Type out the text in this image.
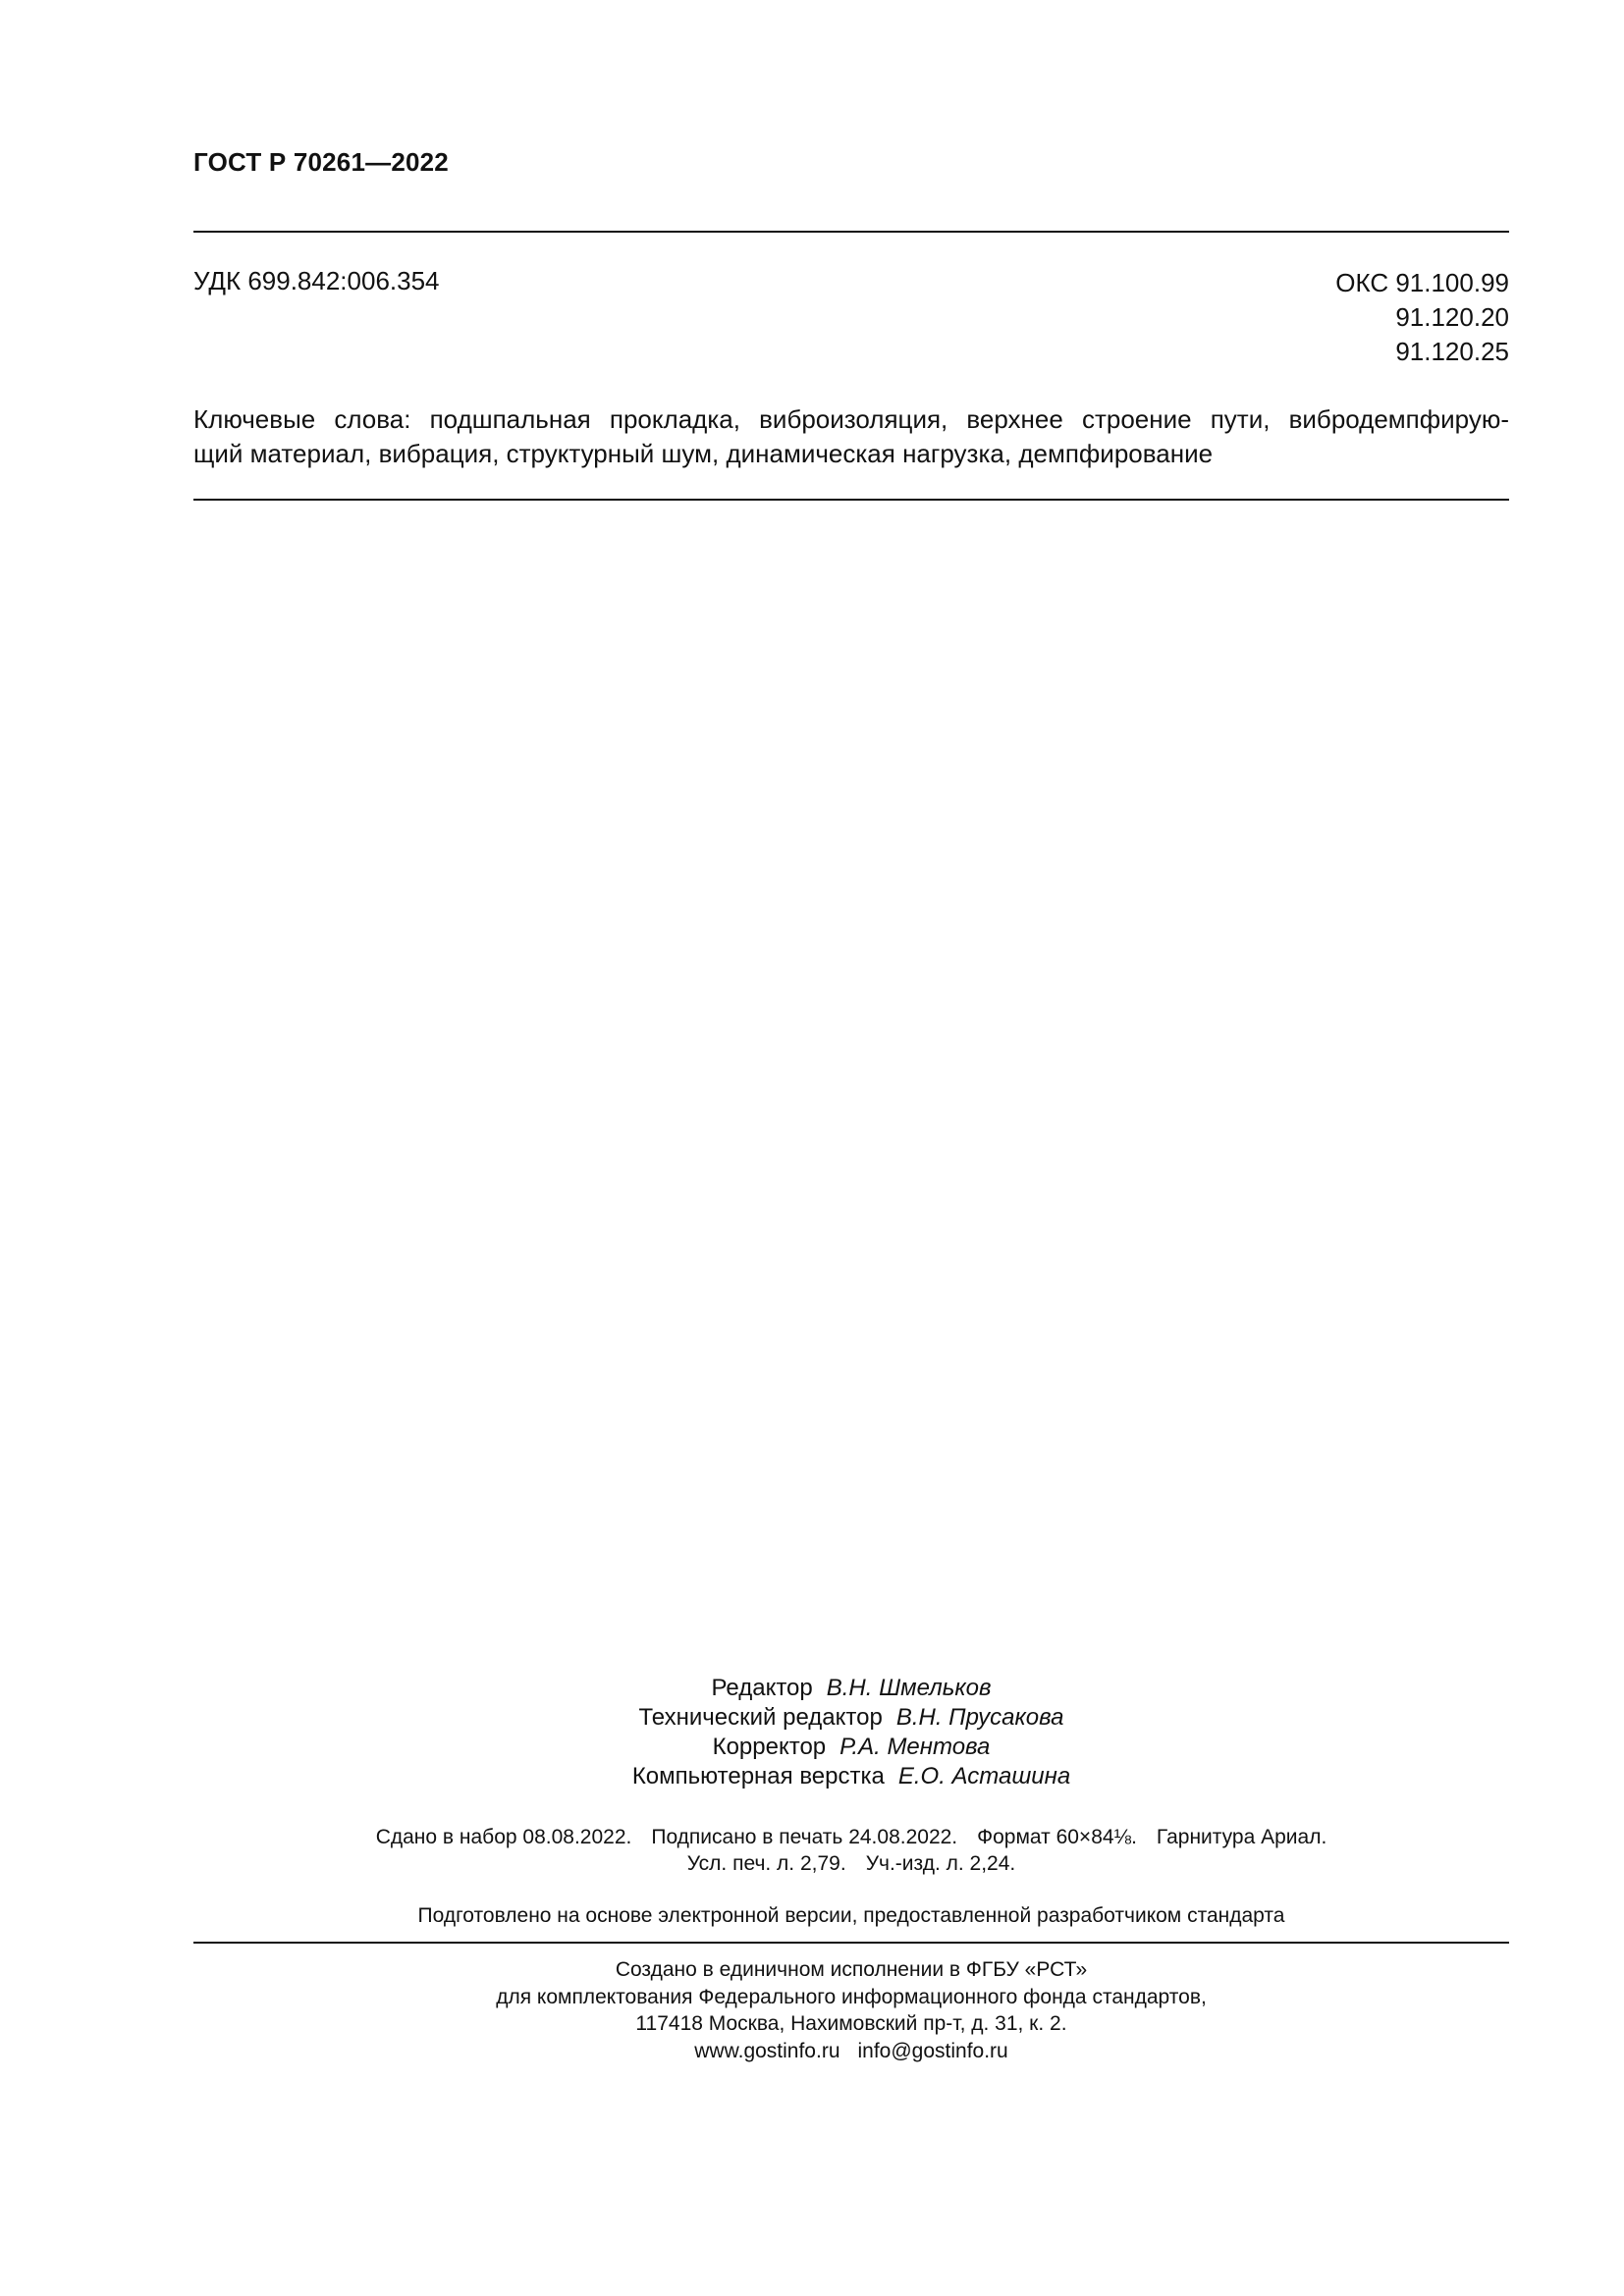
ГОСТ Р 70261—2022
УДК 699.842:006.354	ОКС 91.100.99
91.120.20
91.120.25
Ключевые слова: подшпальная прокладка, виброизоляция, верхнее строение пути, вибродемпфирую-
щий материал, вибрация, структурный шум, динамическая нагрузка, демпфирование
Редактор В.Н. Шмельков
Технический редактор В.Н. Прусакова
Корректор Р.А. Ментова
Компьютерная верстка Е.О. Асташина
Сдано в набор 08.08.2022. Подписано в печать 24.08.2022. Формат 60×84⅛. Гарнитура Ариал.
Усл. печ. л. 2,79. Уч.-изд. л. 2,24.
Подготовлено на основе электронной версии, предоставленной разработчиком стандарта
Создано в единичном исполнении в ФГБУ «РСТ»
для комплектования Федерального информационного фонда стандартов,
117418 Москва, Нахимовский пр-т, д. 31, к. 2.
www.gostinfo.ru info@gostinfo.ru
